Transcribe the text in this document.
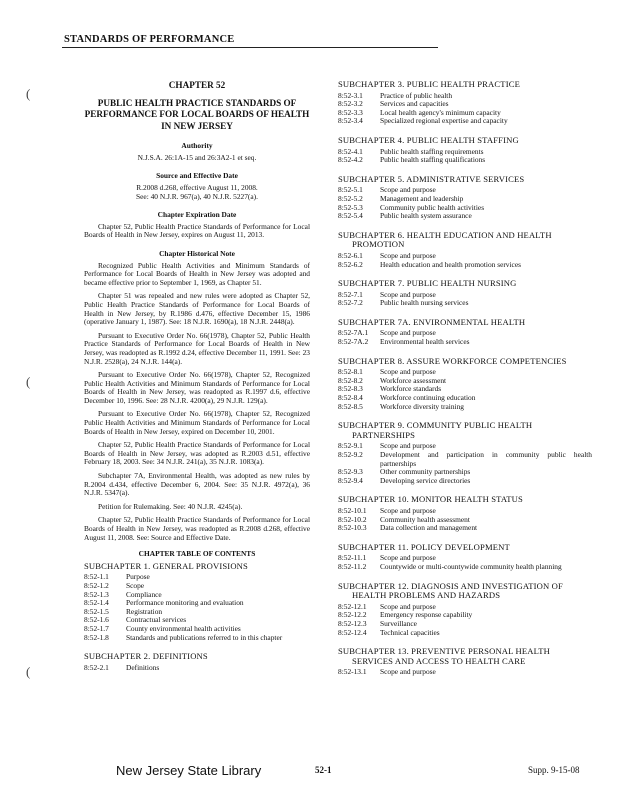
STANDARDS OF PERFORMANCE
(
(
(
CHAPTER 52
PUBLIC HEALTH PRACTICE STANDARDS OF PERFORMANCE FOR LOCAL BOARDS OF HEALTH IN NEW JERSEY
Authority
N.J.S.A. 26:1A-15 and 26:3A2-1 et seq.
Source and Effective Date
R.2008 d.268, effective August 11, 2008.
See: 40 N.J.R. 967(a), 40 N.J.R. 5227(a).
Chapter Expiration Date

Chapter 52, Public Health Practice Standards of Performance for Local Boards of Health in New Jersey, expires on August 11, 2013.

Chapter Historical Note

Recognized Public Health Activities and Minimum Standards of Performance for Local Boards of Health in New Jersey was adopted and became effective prior to September 1, 1969, as Chapter 51.

Chapter 51 was repealed and new rules were adopted as Chapter 52, Public Health Practice Standards of Performance for Local Boards of Health in New Jersey, by R.1986 d.476, effective December 15, 1986 (operative January 1, 1987). See: 18 N.J.R. 1690(a), 18 N.J.R. 2448(a).

Pursuant to Executive Order No. 66(1978), Chapter 52, Public Health Practice Standards of Performance for Local Boards of Health in New Jersey, was readopted as R.1992 d.24, effective December 11, 1991. See: 23 N.J.R. 2528(a), 24 N.J.R. 144(a).

Pursuant to Executive Order No. 66(1978), Chapter 52, Recognized Public Health Activities and Minimum Standards of Performance for Local Boards of Health in New Jersey, was readopted as R.1997 d.6, effective December 10, 1996. See: 28 N.J.R. 4200(a), 29 N.J.R. 129(a).

Pursuant to Executive Order No. 66(1978), Chapter 52, Recognized Public Health Activities and Minimum Standards of Performance for Local Boards of Health in New Jersey, expired on December 10, 2001.

Chapter 52, Public Health Practice Standards of Performance for Local Boards of Health in New Jersey, was adopted as R.2003 d.51, effective February 18, 2003. See: 34 N.J.R. 241(a), 35 N.J.R. 1083(a).

Subchapter 7A, Environmental Health, was adopted as new rules by R.2004 d.434, effective December 6, 2004. See: 35 N.J.R. 4972(a), 36 N.J.R. 5347(a).

Petition for Rulemaking. See: 40 N.J.R. 4245(a).

Chapter 52, Public Health Practice Standards of Performance for Local Boards of Health in New Jersey, was readopted as R.2008 d.268, effective August 11, 2008. See: Source and Effective Date.

CHAPTER TABLE OF CONTENTS
SUBCHAPTER 1. GENERAL PROVISIONS
8:52-1.1	Purpose
8:52-1.2	Scope
8:52-1.3	Compliance
8:52-1.4	Performance monitoring and evaluation
8:52-1.5	Registration
8:52-1.6	Contractual services
8:52-1.7	County environmental health activities
8:52-1.8	Standards and publications referred to in this chapter
SUBCHAPTER 2. DEFINITIONS
8:52-2.1	Definitions
SUBCHAPTER 3. PUBLIC HEALTH PRACTICE
8:52-3.1	Practice of public health
8:52-3.2	Services and capacities
8:52-3.3	Local health agency's minimum capacity
8:52-3.4	Specialized regional expertise and capacity
SUBCHAPTER 4. PUBLIC HEALTH STAFFING
8:52-4.1	Public health staffing requirements
8:52-4.2	Public health staffing qualifications
SUBCHAPTER 5. ADMINISTRATIVE SERVICES
8:52-5.1	Scope and purpose
8:52-5.2	Management and leadership
8:52-5.3	Community public health activities
8:52-5.4	Public health system assurance
SUBCHAPTER 6. HEALTH EDUCATION AND HEALTH PROMOTION
8:52-6.1	Scope and purpose
8:52-6.2	Health education and health promotion services
SUBCHAPTER 7. PUBLIC HEALTH NURSING
8:52-7.1	Scope and purpose
8:52-7.2	Public health nursing services
SUBCHAPTER 7A. ENVIRONMENTAL HEALTH
8:52-7A.1	Scope and purpose
8:52-7A.2	Environmental health services
SUBCHAPTER 8. ASSURE WORKFORCE COMPETENCIES
8:52-8.1	Scope and purpose
8:52-8.2	Workforce assessment
8:52-8.3	Workforce standards
8:52-8.4	Workforce continuing education
8:52-8.5	Workforce diversity training
SUBCHAPTER 9. COMMUNITY PUBLIC HEALTH PARTNERSHIPS
8:52-9.1	Scope and purpose
8:52-9.2	Development and participation in community public health partnerships
8:52-9.3	Other community partnerships
8:52-9.4	Developing service directories
SUBCHAPTER 10. MONITOR HEALTH STATUS
8:52-10.1	Scope and purpose
8:52-10.2	Community health assessment
8:52-10.3	Data collection and management
SUBCHAPTER 11. POLICY DEVELOPMENT
8:52-11.1	Scope and purpose
8:52-11.2	Countywide or multi-countywide community health planning
SUBCHAPTER 12. DIAGNOSIS AND INVESTIGATION OF HEALTH PROBLEMS AND HAZARDS
8:52-12.1	Scope and purpose
8:52-12.2	Emergency response capability
8:52-12.3	Surveillance
8:52-12.4	Technical capacities
SUBCHAPTER 13. PREVENTIVE PERSONAL HEALTH SERVICES AND ACCESS TO HEALTH CARE
8:52-13.1	Scope and purpose
New Jersey State Library	52-1	Supp. 9-15-08
